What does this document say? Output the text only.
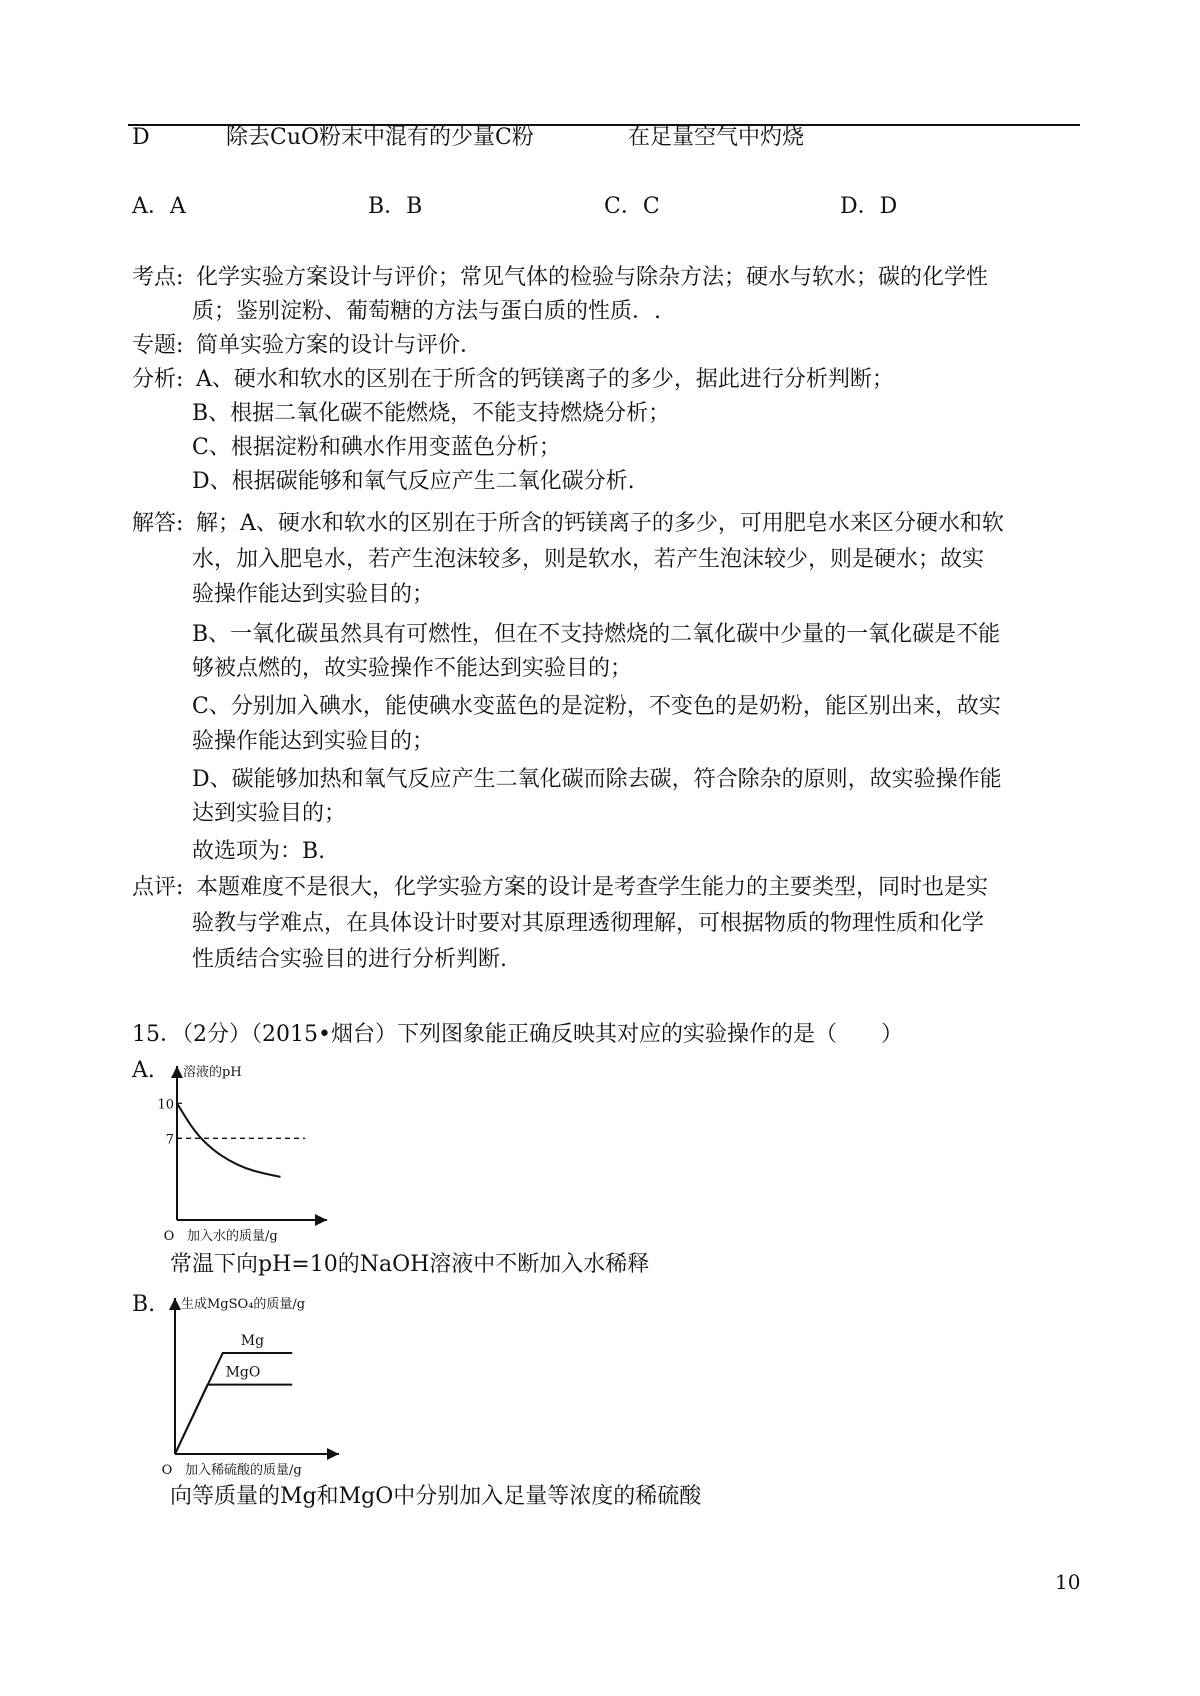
D	除去CuO粉末中混有的少量C粉	在足量空气中灼烧
A．A	B．B	C．C	D．D
考点: 化学实验方案设计与评价；常见气体的检验与除杂方法；硬水与软水；碳的化学性
质；鉴别淀粉、葡萄糖的方法与蛋白质的性质．.
专题: 简单实验方案的设计与评价．
分析: A、硬水和软水的区别在于所含的钙镁离子的多少，据此进行分析判断；
B、根据二氧化碳不能燃烧，不能支持燃烧分析；
C、根据淀粉和碘水作用变蓝色分析；
D、根据碳能够和氧气反应产生二氧化碳分析.
解答: 解；A、硬水和软水的区别在于所含的钙镁离子的多少，可用肥皂水来区分硬水和软
水，加入肥皂水，若产生泡沫较多，则是软水，若产生泡沫较少，则是硬水；故实
验操作能达到实验目的；
B、一氧化碳虽然具有可燃性，但在不支持燃烧的二氧化碳中少量的一氧化碳是不能
够被点燃的，故实验操作不能达到实验目的；
C、分别加入碘水，能使碘水变蓝色的是淀粉，不变色的是奶粉，能区别出来，故实
验操作能达到实验目的；
D、碳能够加热和氧气反应产生二氧化碳而除去碳，符合除杂的原则，故实验操作能
达到实验目的；
故选项为：B.
点评: 本题难度不是很大，化学实验方案的设计是考查学生能力的主要类型，同时也是实
验教与学难点，在具体设计时要对其原理透彻理解，可根据物质的物理性质和化学
性质结合实验目的进行分析判断.
15．（2分）（2015•烟台）下列图象能正确反映其对应的实验操作的是（　　）
A. 溶液的pH
O 加入水的质量/g
10
7
常温下向pH=10的NaOH溶液中不断加入水稀释
B. 生成MgSO₄的质量/g
O 加入稀硫酸的质量/g
Mg
MgO
向等质量的Mg和MgO中分别加入足量等浓度的稀硫酸
10
